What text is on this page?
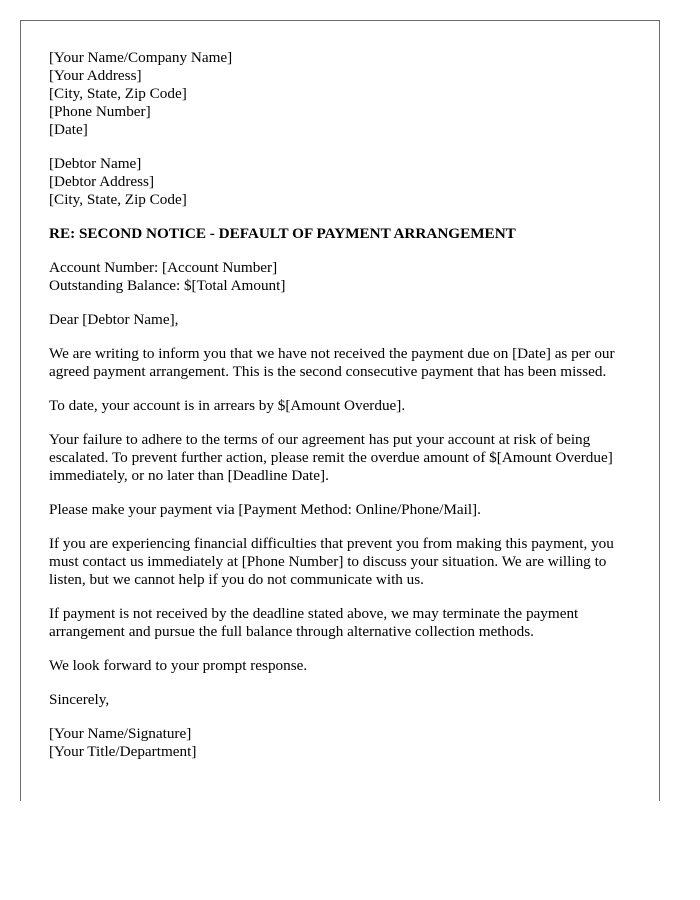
[Your Name/Company Name]
[Your Address]
[City, State, Zip Code]
[Phone Number]
[Date]
[Debtor Name]
[Debtor Address]
[City, State, Zip Code]
RE: SECOND NOTICE - DEFAULT OF PAYMENT ARRANGEMENT
Account Number: [Account Number]
Outstanding Balance: $[Total Amount]

Dear [Debtor Name],

We are writing to inform you that we have not received the payment due on [Date] as per our agreed payment arrangement. This is the second consecutive payment that has been missed.

To date, your account is in arrears by $[Amount Overdue].

Your failure to adhere to the terms of our agreement has put your account at risk of being escalated. To prevent further action, please remit the overdue amount of $[Amount Overdue] immediately, or no later than [Deadline Date].

Please make your payment via [Payment Method: Online/Phone/Mail].

If you are experiencing financial difficulties that prevent you from making this payment, you must contact us immediately at [Phone Number] to discuss your situation. We are willing to listen, but we cannot help if you do not communicate with us.

If payment is not received by the deadline stated above, we may terminate the payment arrangement and pursue the full balance through alternative collection methods.

We look forward to your prompt response.

Sincerely,

[Your Name/Signature]
[Your Title/Department]
